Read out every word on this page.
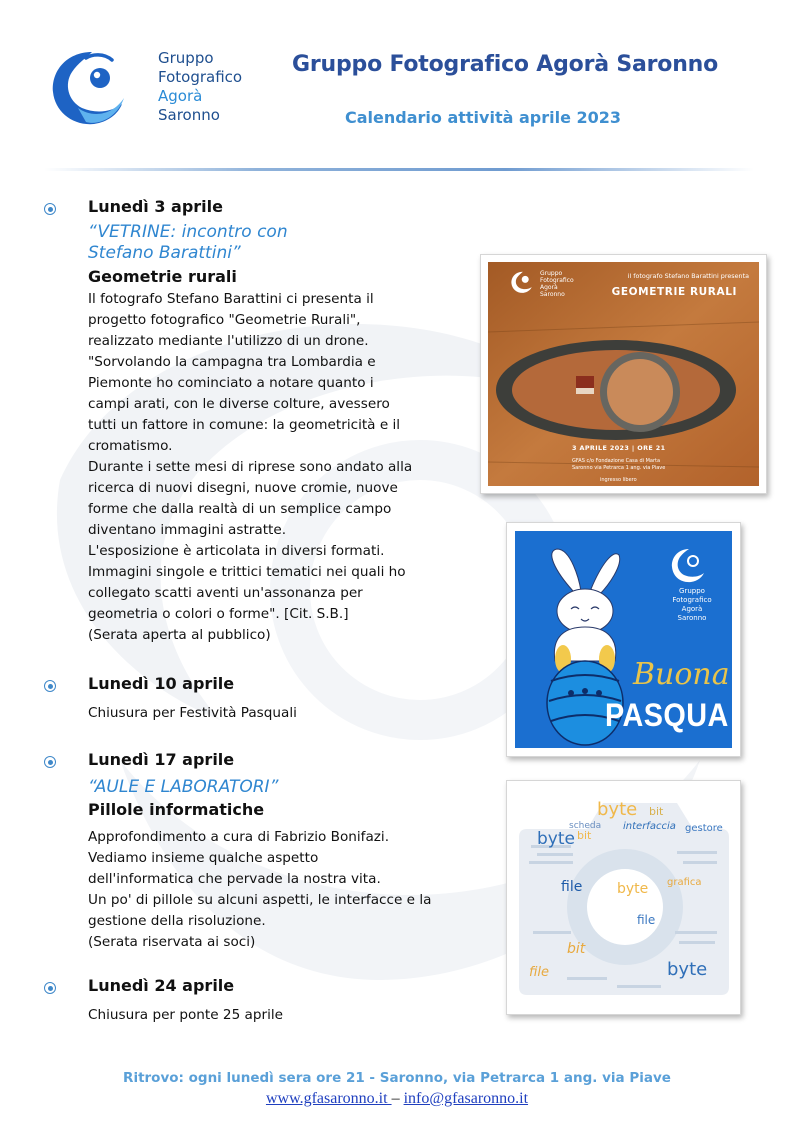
Gruppo
Fotografico
Agorà
Saronno
Gruppo Fotografico Agorà Saronno
Calendario attività aprile 2023
Lunedì 3 aprile
“VETRINE: incontro con
Stefano Barattini”
Geometrie rurali
Il fotografo Stefano Barattini ci presenta il
progetto fotografico "Geometrie Rurali",
realizzato mediante l'utilizzo di un drone.
"Sorvolando la campagna tra Lombardia e
Piemonte ho cominciato a notare quanto i
campi arati, con le diverse colture, avessero
tutti un fattore in comune: la geometricità e il
cromatismo.
Durante i sette mesi di riprese sono andato alla
ricerca di nuovi disegni, nuove cromie, nuove
forme che dalla realtà di un semplice campo
diventano immagini astratte.
L'esposizione è articolata in diversi formati.
Immagini singole e trittici tematici nei quali ho
collegato scatti aventi un'assonanza per
geometria o colori o forme". [Cit. S.B.]
(Serata aperta al pubblico)
Lunedì 10 aprile
Chiusura per Festività Pasquali
Lunedì 17 aprile
“AULE E LABORATORI”
Pillole informatiche
Approfondimento a cura di Fabrizio Bonifazi.
Vediamo insieme qualche aspetto
dell'informatica che pervade la nostra vita.
Un po' di pillole su alcuni aspetti, le interfacce e la
gestione della risoluzione.
(Serata riservata ai soci)
Lunedì 24 aprile
Chiusura per ponte 25 aprile
Gruppo
Fotografico
Agorà
Saronno
il fotografo Stefano Barattini presenta
GEOMETRIE RURALI
3 APRILE 2023 | ORE 21
GFAS c/o Fondazione Casa di Marta
Saronno via Petrarca 1 ang. via Piave
ingresso libero
Gruppo
Fotografico
Agorà
Saronno
Buona
PASQUA
byte bit
scheda interfaccia gestore
grafica
file byte
bit
file
byte bit
file	byte
Ritrovo: ogni lunedì sera ore 21 - Saronno, via Petrarca 1 ang. via Piave
www.gfasaronno.it – info@gfasaronno.it
